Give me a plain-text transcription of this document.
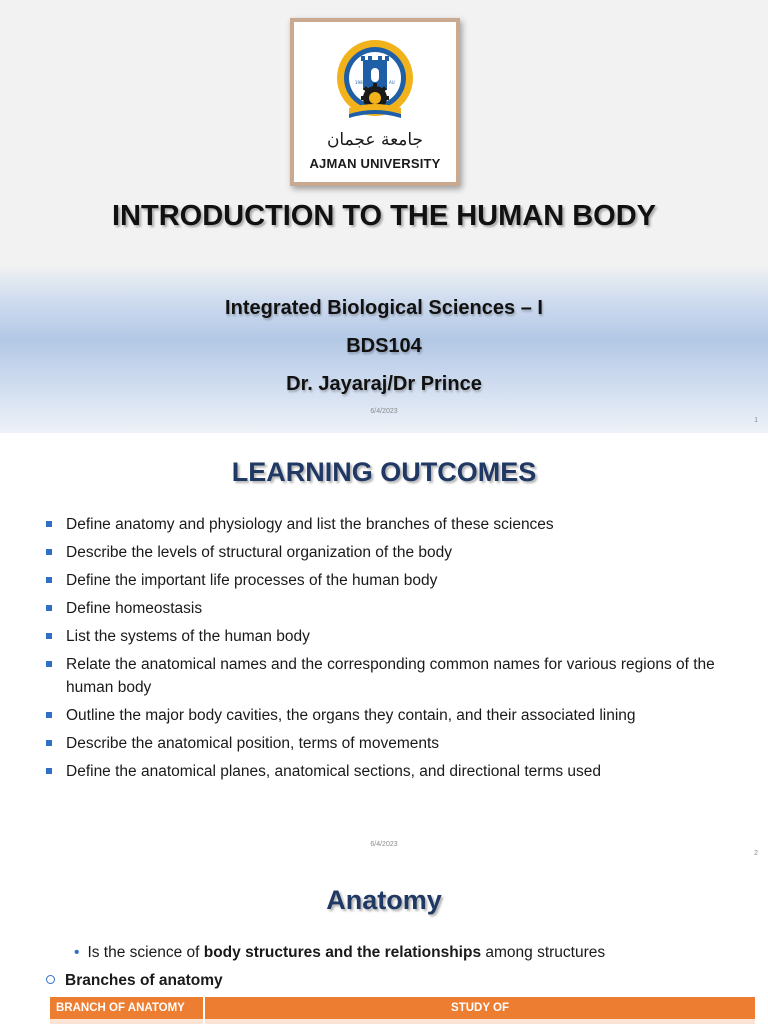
1988	AU
جامعة عجمان
AJMAN UNIVERSITY
INTRODUCTION TO THE HUMAN BODY
Integrated Biological Sciences – I
BDS104
Dr. Jayaraj/Dr Prince
6/4/2023
1
LEARNING OUTCOMES
Define anatomy and physiology and list the branches of these sciences
Describe the levels of structural organization of the body
Define the important life processes of the human body
Define homeostasis
List the systems of the human body
Relate the anatomical names and the corresponding common names for various regions of the human body
Outline the major body cavities, the organs they contain, and their associated lining
Describe the anatomical position, terms of movements
Define the anatomical planes, anatomical sections, and directional terms used
6/4/2023
2
Anatomy
• Is the science of body structures and the relationships among structures
Branches of anatomy
BRANCH OF ANATOMY	STUDY OF
